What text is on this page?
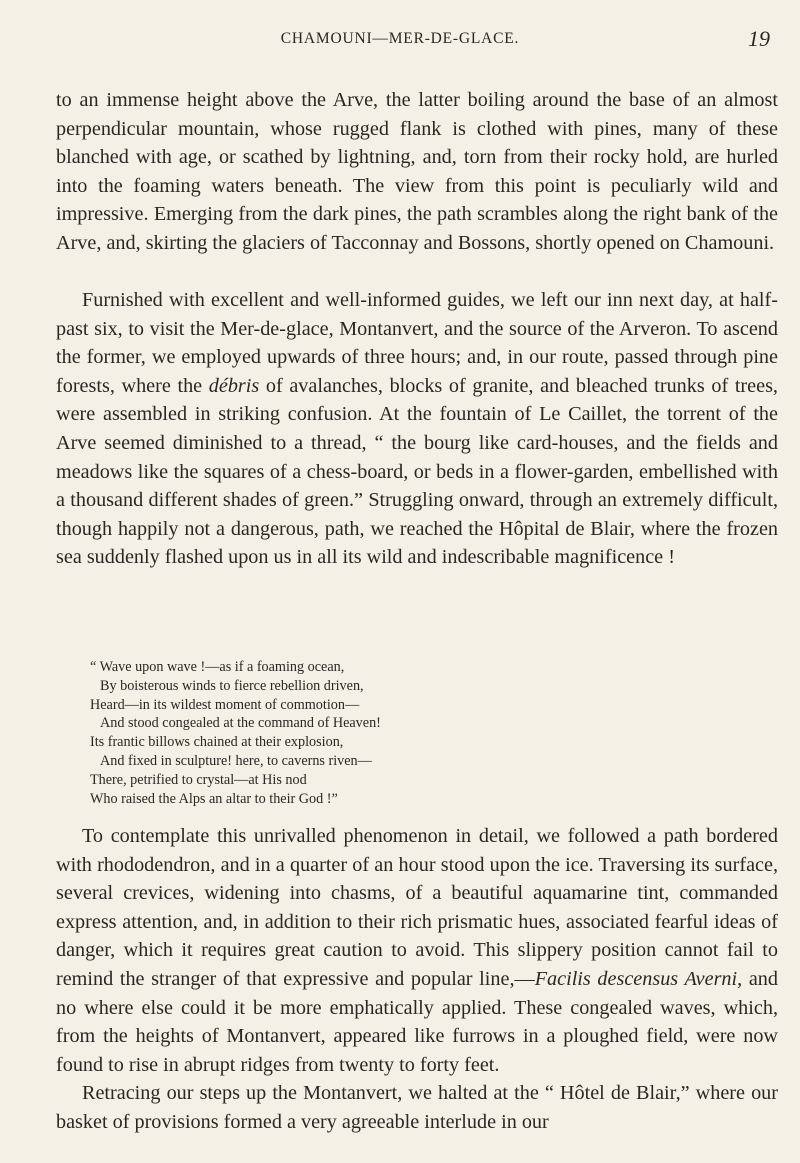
CHAMOUNI—MER-DE-GLACE.	19

to an immense height above the Arve, the latter boiling around the base of an almost perpendicular mountain, whose rugged flank is clothed with pines, many of these blanched with age, or scathed by lightning, and, torn from their rocky hold, are hurled into the foaming waters beneath. The view from this point is peculiarly wild and impressive. Emerging from the dark pines, the path scrambles along the right bank of the Arve, and, skirting the glaciers of Tacconnay and Bossons, shortly opened on Chamouni.

Furnished with excellent and well-informed guides, we left our inn next day, at half-past six, to visit the Mer-de-glace, Montanvert, and the source of the Arveron. To ascend the former, we employed upwards of three hours; and, in our route, passed through pine forests, where the débris of avalanches, blocks of granite, and bleached trunks of trees, were assembled in striking confusion. At the fountain of Le Caillet, the torrent of the Arve seemed diminished to a thread, “ the bourg like card-houses, and the fields and meadows like the squares of a chess-board, or beds in a flower-garden, embellished with a thousand different shades of green.” Struggling onward, through an extremely difficult, though happily not a dangerous, path, we reached the Hôpital de Blair, where the frozen sea suddenly flashed upon us in all its wild and indescribable magnificence !

“ Wave upon wave !—as if a foaming ocean,
By boisterous winds to fierce rebellion driven,
Heard—in its wildest moment of commotion—
And stood congealed at the command of Heaven!
Its frantic billows chained at their explosion,
And fixed in sculpture! here, to caverns riven—
There, petrified to crystal—at His nod
Who raised the Alps an altar to their God !”

To contemplate this unrivalled phenomenon in detail, we followed a path bordered with rhododendron, and in a quarter of an hour stood upon the ice. Traversing its surface, several crevices, widening into chasms, of a beautiful aquamarine tint, commanded express attention, and, in addition to their rich prismatic hues, associated fearful ideas of danger, which it requires great caution to avoid. This slippery position cannot fail to remind the stranger of that expressive and popular line,—Facilis descensus Averni, and no where else could it be more emphatically applied. These congealed waves, which, from the heights of Montanvert, appeared like furrows in a ploughed field, were now found to rise in abrupt ridges from twenty to forty feet.

Retracing our steps up the Montanvert, we halted at the “ Hôtel de Blair,” where our basket of provisions formed a very agreeable interlude in our
